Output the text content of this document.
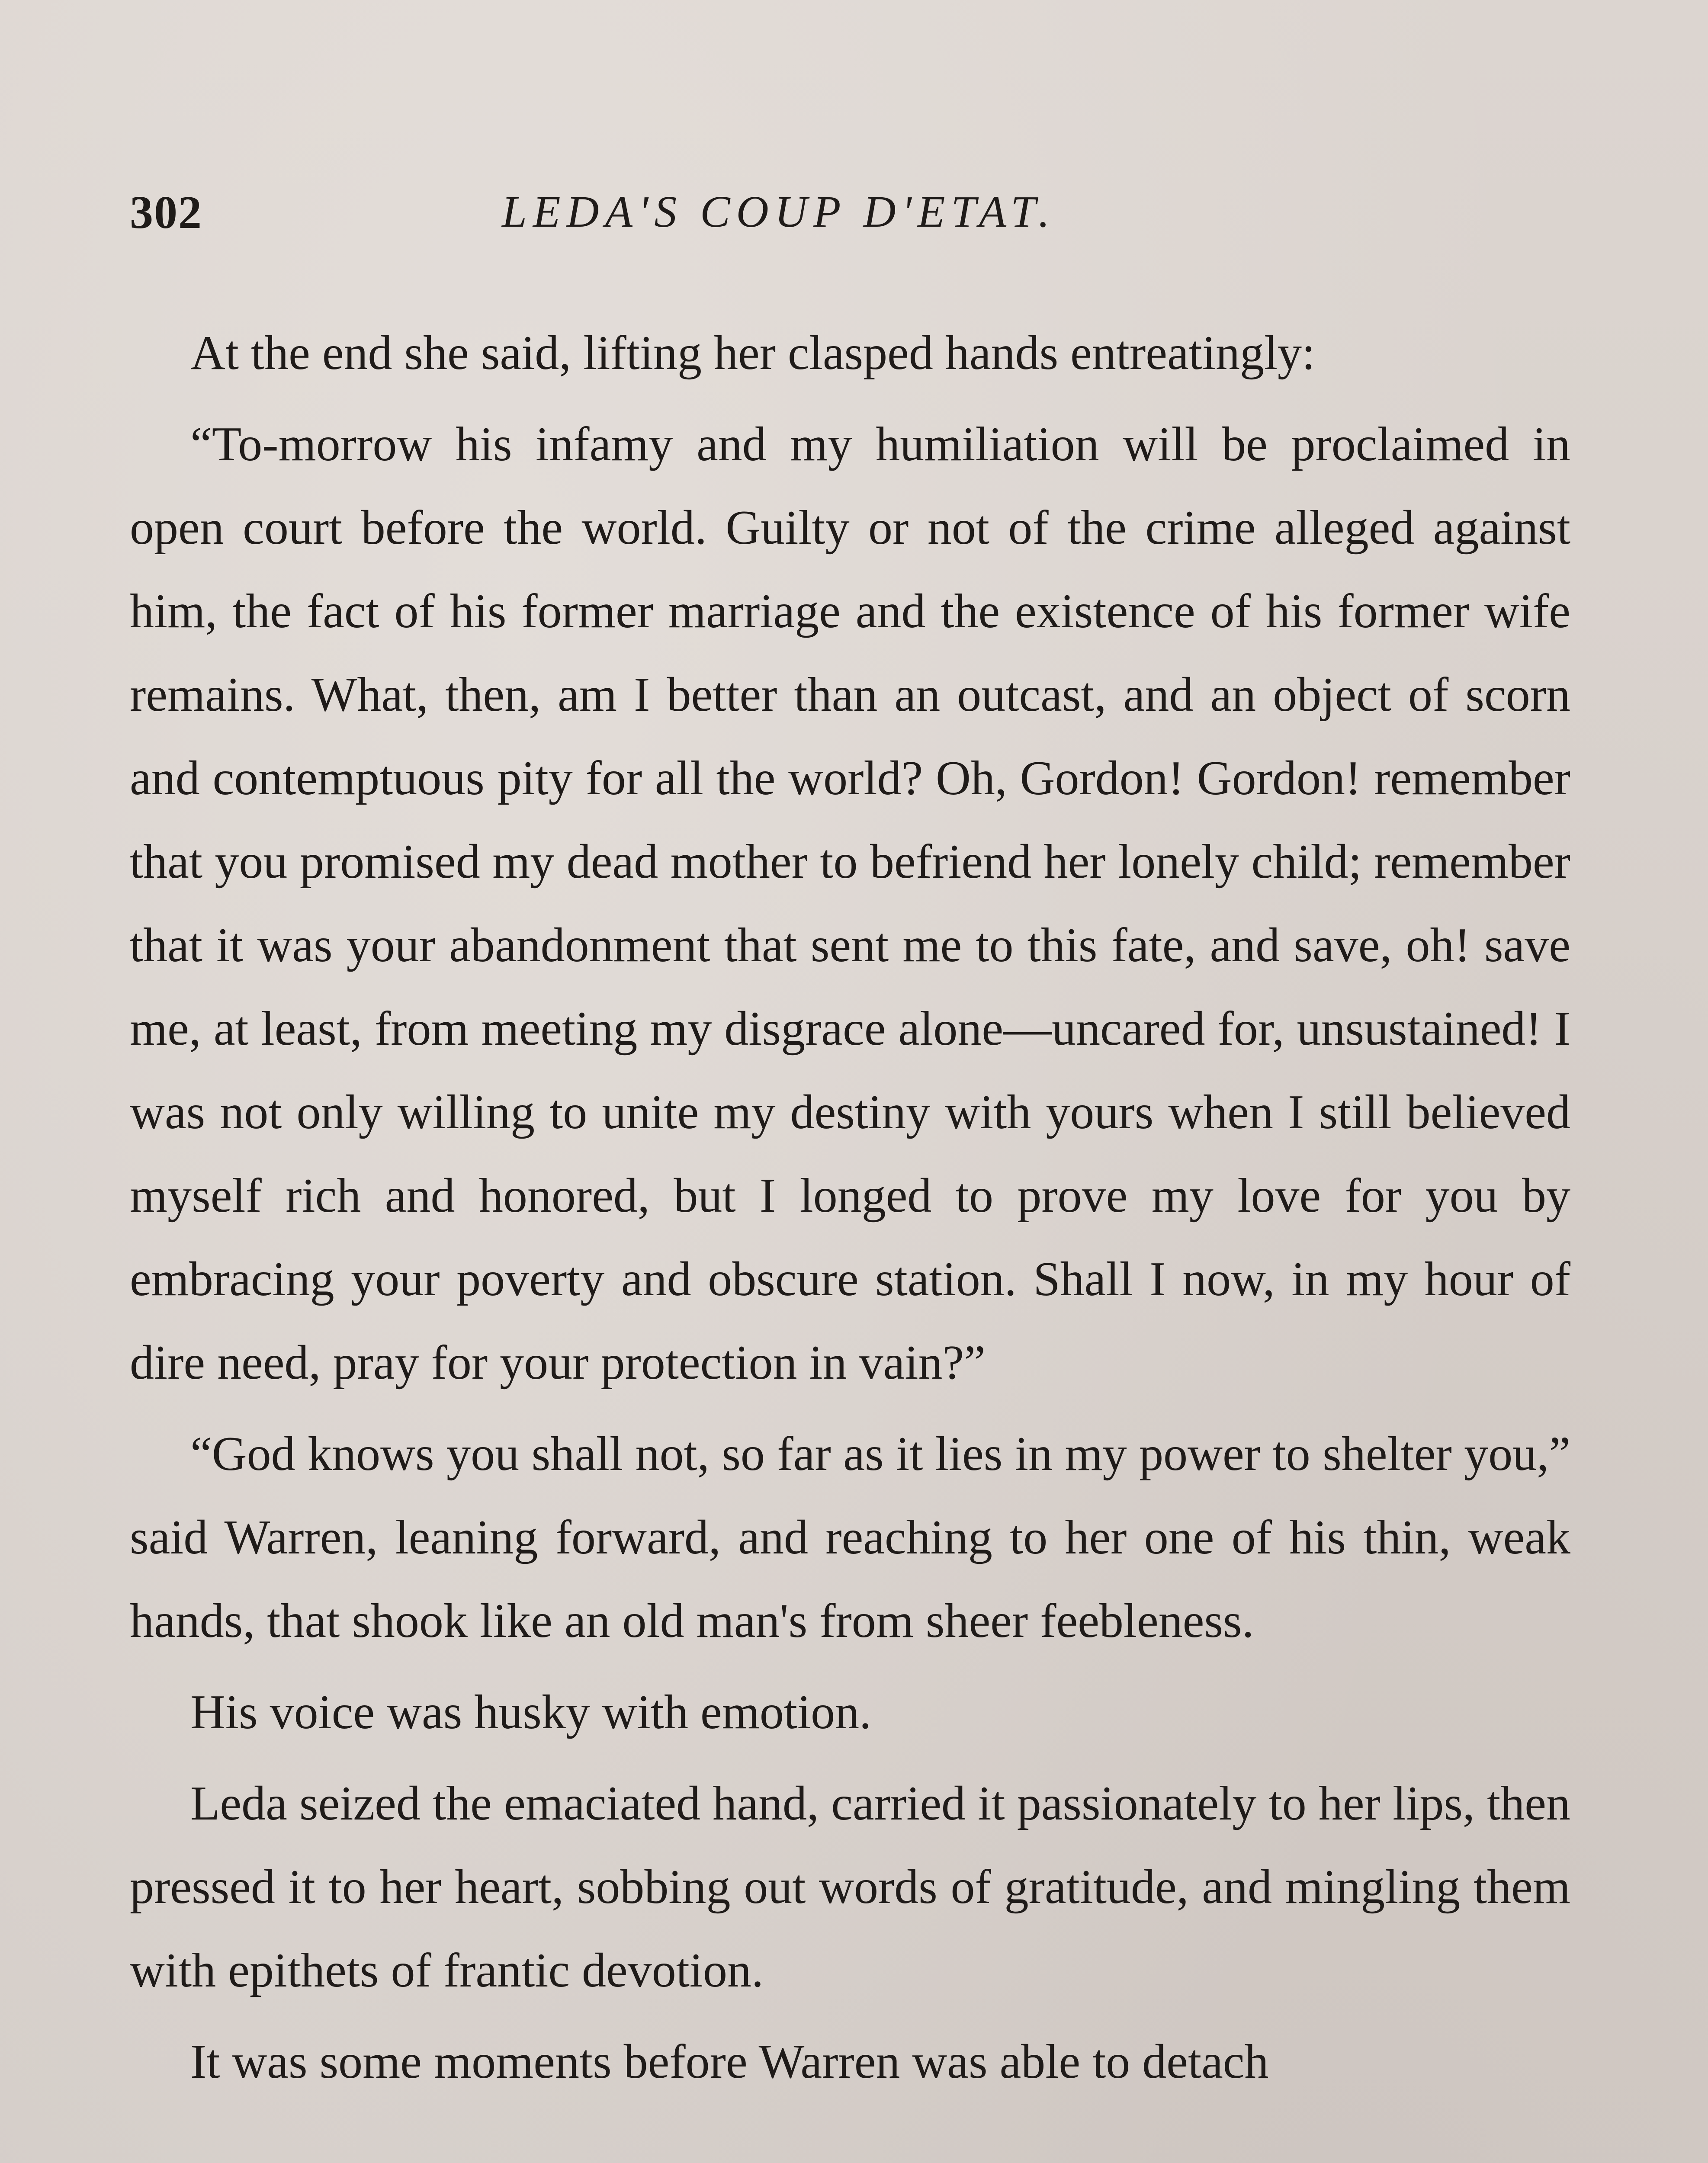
302	LEDA'S COUP D'ETAT.

At the end she said, lifting her clasped hands entreatingly:

“To-morrow his infamy and my humiliation will be proclaimed in open court before the world. Guilty or not of the crime alleged against him, the fact of his former marriage and the existence of his former wife remains. What, then, am I better than an outcast, and an object of scorn and contemptuous pity for all the world? Oh, Gordon! Gordon! remember that you promised my dead mother to befriend her lonely child; remember that it was your abandonment that sent me to this fate, and save, oh! save me, at least, from meeting my disgrace alone—uncared for, unsustained! I was not only willing to unite my destiny with yours when I still believed myself rich and honored, but I longed to prove my love for you by embracing your poverty and obscure station. Shall I now, in my hour of dire need, pray for your protection in vain?”

“God knows you shall not, so far as it lies in my power to shelter you,” said Warren, leaning forward, and reaching to her one of his thin, weak hands, that shook like an old man's from sheer feebleness.

His voice was husky with emotion.

Leda seized the emaciated hand, carried it passionately to her lips, then pressed it to her heart, sobbing out words of gratitude, and mingling them with epithets of frantic devotion.

It was some moments before Warren was able to detach
